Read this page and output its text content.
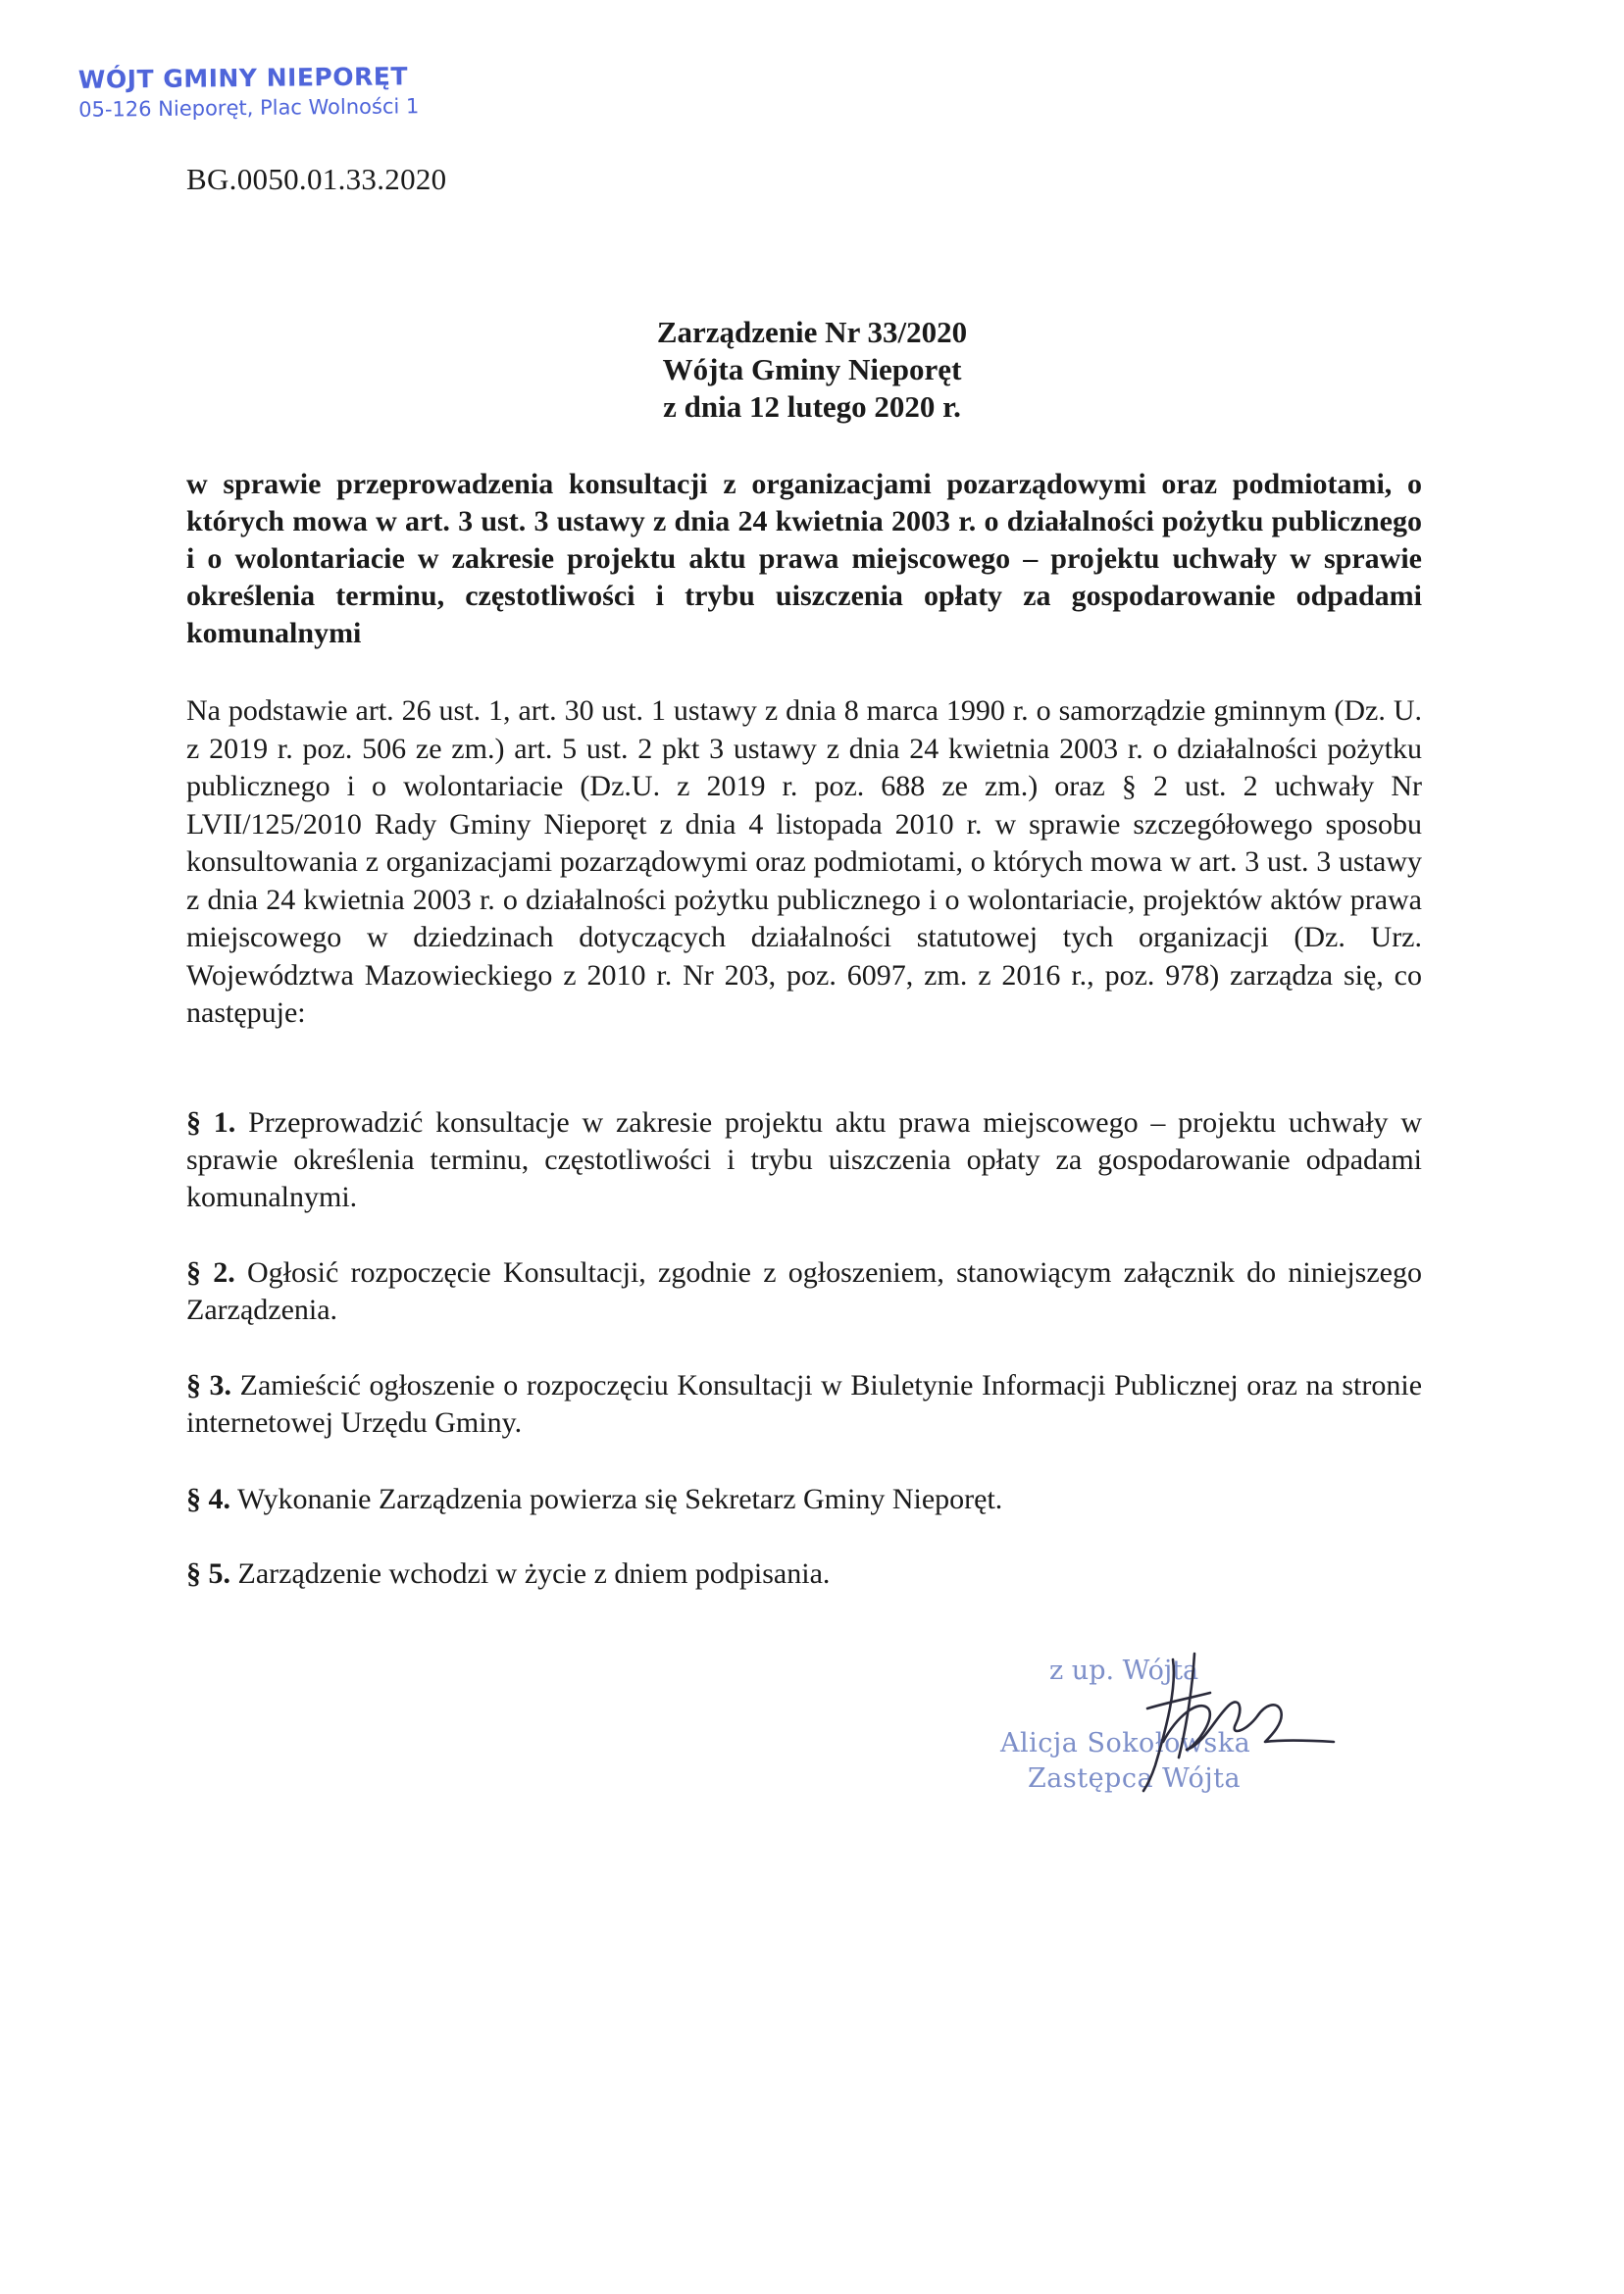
WÓJT GMINY NIEPORĘT
05-126 Nieporęt, Plac Wolności 1
BG.0050.01.33.2020
Zarządzenie Nr 33/2020
Wójta Gminy Nieporęt
z dnia 12 lutego 2020 r.
w sprawie przeprowadzenia konsultacji z organizacjami pozarządowymi oraz podmiotami, o których mowa w art. 3 ust. 3 ustawy z dnia 24 kwietnia 2003 r. o działalności pożytku publicznego i o wolontariacie w zakresie projektu aktu prawa miejscowego – projektu uchwały w sprawie określenia terminu, częstotliwości i trybu uiszczenia opłaty za gospodarowanie odpadami komunalnymi
Na podstawie art. 26 ust. 1, art. 30 ust. 1 ustawy z dnia 8 marca 1990 r. o samorządzie gminnym (Dz. U. z 2019 r. poz. 506 ze zm.) art. 5 ust. 2 pkt 3 ustawy z dnia 24 kwietnia 2003 r. o działalności pożytku publicznego i o wolontariacie (Dz.U. z 2019 r. poz. 688 ze zm.) oraz § 2 ust. 2 uchwały Nr LVII/125/2010 Rady Gminy Nieporęt z dnia 4 listopada 2010 r. w sprawie szczegółowego sposobu konsultowania z organizacjami pozarządowymi oraz podmiotami, o których mowa w art. 3 ust. 3 ustawy z dnia 24 kwietnia 2003 r. o działalności pożytku publicznego i o wolontariacie, projektów aktów prawa miejscowego w dziedzinach dotyczących działalności statutowej tych organizacji (Dz. Urz. Województwa Mazowieckiego z 2010 r. Nr 203, poz. 6097, zm. z 2016 r., poz. 978) zarządza się, co następuje:
§ 1. Przeprowadzić konsultacje w zakresie projektu aktu prawa miejscowego – projektu uchwały w sprawie określenia terminu, częstotliwości i trybu uiszczenia opłaty za gospodarowanie odpadami komunalnymi.
§ 2. Ogłosić rozpoczęcie Konsultacji, zgodnie z ogłoszeniem, stanowiącym załącznik do niniejszego Zarządzenia.
§ 3. Zamieścić ogłoszenie o rozpoczęciu Konsultacji w Biuletynie Informacji Publicznej oraz na stronie internetowej Urzędu Gminy.
§ 4. Wykonanie Zarządzenia powierza się Sekretarz Gminy Nieporęt.
§ 5. Zarządzenie wchodzi w życie z dniem podpisania.
z up. Wójta
Alicja Sokołowska
Zastępca Wójta
